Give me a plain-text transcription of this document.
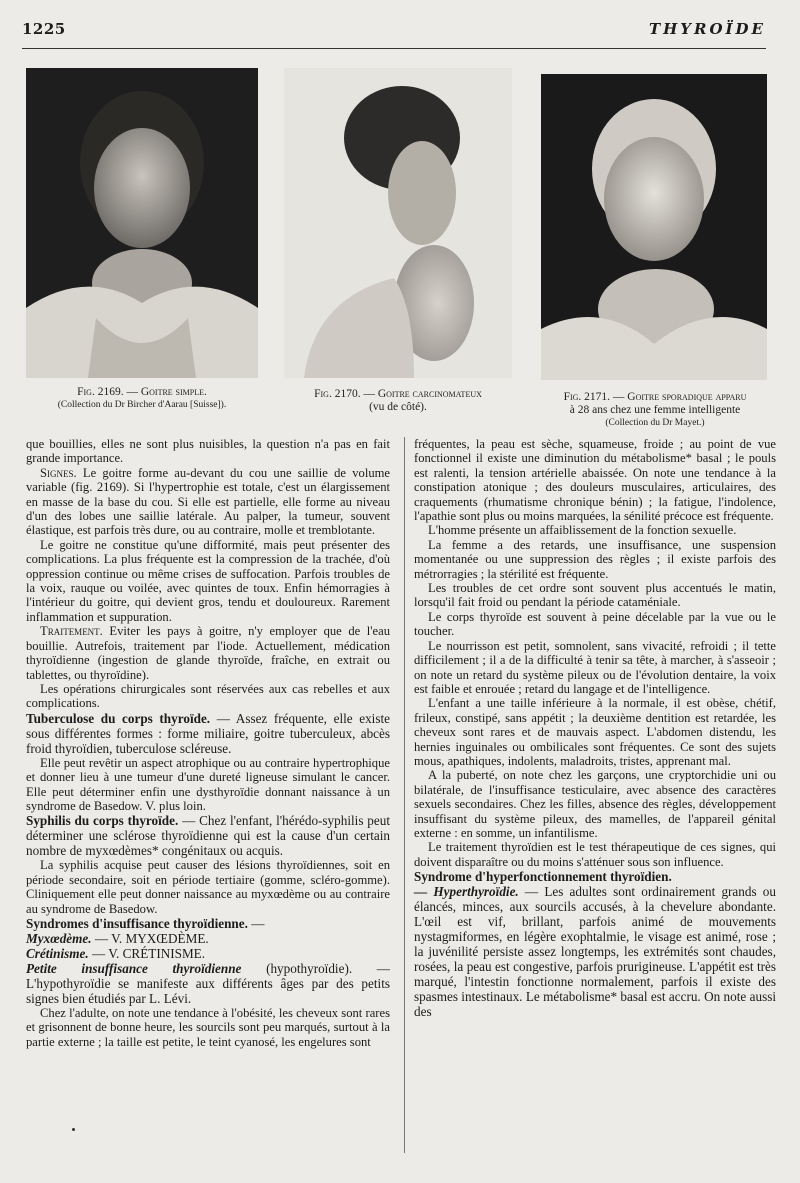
1225	THYROÏDE
Fig. 2169. — Goitre simple.
(Collection du Dr Bircher d'Aarau [Suisse]).
Fig. 2170. — Goitre carcinomateux
(vu de côté).
Fig. 2171. — Goitre sporadique apparu
à 28 ans chez une femme intelligente
(Collection du Dr Mayet.)

que bouillies, elles ne sont plus nuisibles, la question n'a pas en fait grande importance.

Signes. Le goitre forme au-devant du cou une saillie de volume variable (fig. 2169). Si l'hypertrophie est totale, c'est un élargissement en masse de la base du cou. Si elle est partielle, elle forme au niveau d'un des lobes une saillie latérale. Au palper, la tumeur, souvent élastique, est parfois très dure, ou au contraire, molle et tremblotante.

Le goitre ne constitue qu'une difformité, mais peut présenter des complications. La plus fréquente est la compression de la trachée, d'où oppression continue ou même crises de suffocation. Parfois troubles de la voix, rauque ou voilée, avec quintes de toux. Enfin hémorragies à l'intérieur du goitre, qui devient gros, tendu et douloureux. Rarement inflammation et suppuration.

Traitement. Eviter les pays à goitre, n'y employer que de l'eau bouillie. Autrefois, traitement par l'iode. Actuellement, médication thyroïdienne (ingestion de glande thyroïde, fraîche, en extrait ou tablettes, ou thyroïdine).

Les opérations chirurgicales sont réservées aux cas rebelles et aux complications.

Tuberculose du corps thyroïde. — Assez fréquente, elle existe sous différentes formes : forme miliaire, goitre tuberculeux, abcès froid thyroïdien, tuberculose scléreuse.

Elle peut revêtir un aspect atrophique ou au contraire hypertrophique et donner lieu à une tumeur d'une dureté ligneuse simulant le cancer. Elle peut déterminer enfin une dysthyroïdie donnant naissance à un syndrome de Basedow. V. plus loin.

Syphilis du corps thyroïde. — Chez l'enfant, l'hérédo-syphilis peut déterminer une sclérose thyroïdienne qui est la cause d'un certain nombre de myxœdèmes* congénitaux ou acquis.

La syphilis acquise peut causer des lésions thyroïdiennes, soit en période secondaire, soit en période tertiaire (gomme, scléro-gomme). Cliniquement elle peut donner naissance au myxœdème ou au contraire au syndrome de Basedow.

Syndromes d'insuffisance thyroïdienne. —
Myxœdème. — V. MYXŒDÈME.
Crétinisme. — V. CRÉTINISME.
Petite insuffisance thyroïdienne (hypothyroïdie). — L'hypothyroïdie se manifeste aux différents âges par des petits signes bien étudiés par L. Lévi.

Chez l'adulte, on note une tendance à l'obésité, les cheveux sont rares et grisonnent de bonne heure, les sourcils sont peu marqués, surtout à la partie externe ; la taille est petite, le teint cyanosé, les engelures sont

fréquentes, la peau est sèche, squameuse, froide ; au point de vue fonctionnel il existe une diminution du métabolisme* basal ; le pouls est ralenti, la tension artérielle abaissée. On note une tendance à la constipation atonique ; des douleurs musculaires, articulaires, des craquements (rhumatisme chronique bénin) ; la fatigue, l'indolence, l'apathie sont plus ou moins marquées, la sénilité précoce est fréquente.

L'homme présente un affaiblissement de la fonction sexuelle.

La femme a des retards, une insuffisance, une suspension momentanée ou une suppression des règles ; il existe parfois des métrorragies ; la stérilité est fréquente.

Les troubles de cet ordre sont souvent plus accentués le matin, lorsqu'il fait froid ou pendant la période cataméniale.

Le corps thyroïde est souvent à peine décelable par la vue ou le toucher.

Le nourrisson est petit, somnolent, sans vivacité, refroidi ; il tette difficilement ; il a de la difficulté à tenir sa tête, à marcher, à s'asseoir ; on note un retard du système pileux ou de l'évolution dentaire, la voix est faible et enrouée ; retard du langage et de l'intelligence.

L'enfant a une taille inférieure à la normale, il est obèse, chétif, frileux, constipé, sans appétit ; la deuxième dentition est retardée, les cheveux sont rares et de mauvais aspect. L'abdomen distendu, les hernies inguinales ou ombilicales sont fréquentes. Ce sont des sujets mous, apathiques, indolents, maladroits, tristes, apprenant mal.

A la puberté, on note chez les garçons, une cryptorchidie uni ou bilatérale, de l'insuffisance testiculaire, avec absence des caractères sexuels secondaires. Chez les filles, absence des règles, développement insuffisant du système pileux, des mamelles, de l'appareil génital externe : en somme, un infantilisme.

Le traitement thyroïdien est le test thérapeutique de ces signes, qui doivent disparaître ou du moins s'atténuer sous son influence.

Syndrome d'hyperfonctionnement thyroïdien.
— Hyperthyroïdie. — Les adultes sont ordinairement grands ou élancés, minces, aux sourcils accusés, à la chevelure abondante. L'œil est vif, brillant, parfois animé de mouvements nystagmiformes, en légère exophtalmie, le visage est animé, rose ; la juvénilité persiste assez longtemps, les extrémités sont chaudes, rosées, la peau est congestive, parfois prurigineuse. L'appétit est très marqué, l'intestin fonctionne normalement, parfois il existe des spasmes intestinaux. Le métabolisme* basal est accru. On note aussi des
